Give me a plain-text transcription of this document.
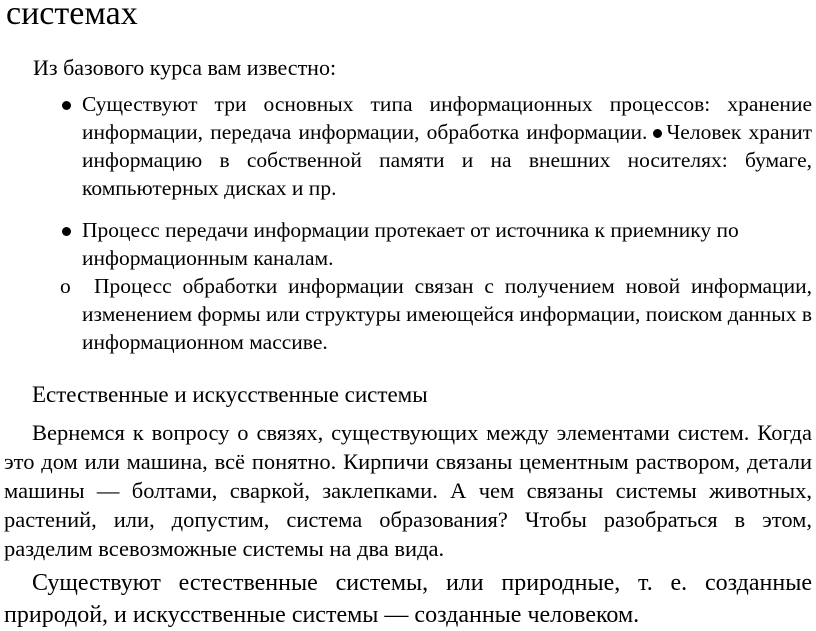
системах
Из базового курса вам известно:
Существуют три основных типа информационных процессов: хранение информации, передача информации, обработка информации. Человек хранит информацию в собственной памяти и на внешних носителях: бумаге, компьютерных дисках и пр.
Процесс передачи информации протекает от источника к приемнику по информационным каналам.
о	Процесс обработки информации связан с получением новой информации, изменением формы или структуры имеющейся информации, поиском данных в информационном массиве.
Естественные и искусственные системы
Вернемся к вопросу о связях, существующих между элементами систем. Когда это дом или машина, всё понятно. Кирпичи связаны цементным раствором, детали машины — болтами, сваркой, заклепками. А чем связаны системы животных, растений, или, допустим, система образования? Чтобы разобраться в этом, разделим всевозможные системы на два вида.
Существуют естественные системы, или природные, т. е. созданные природой, и искусственные системы — созданные человеком.
